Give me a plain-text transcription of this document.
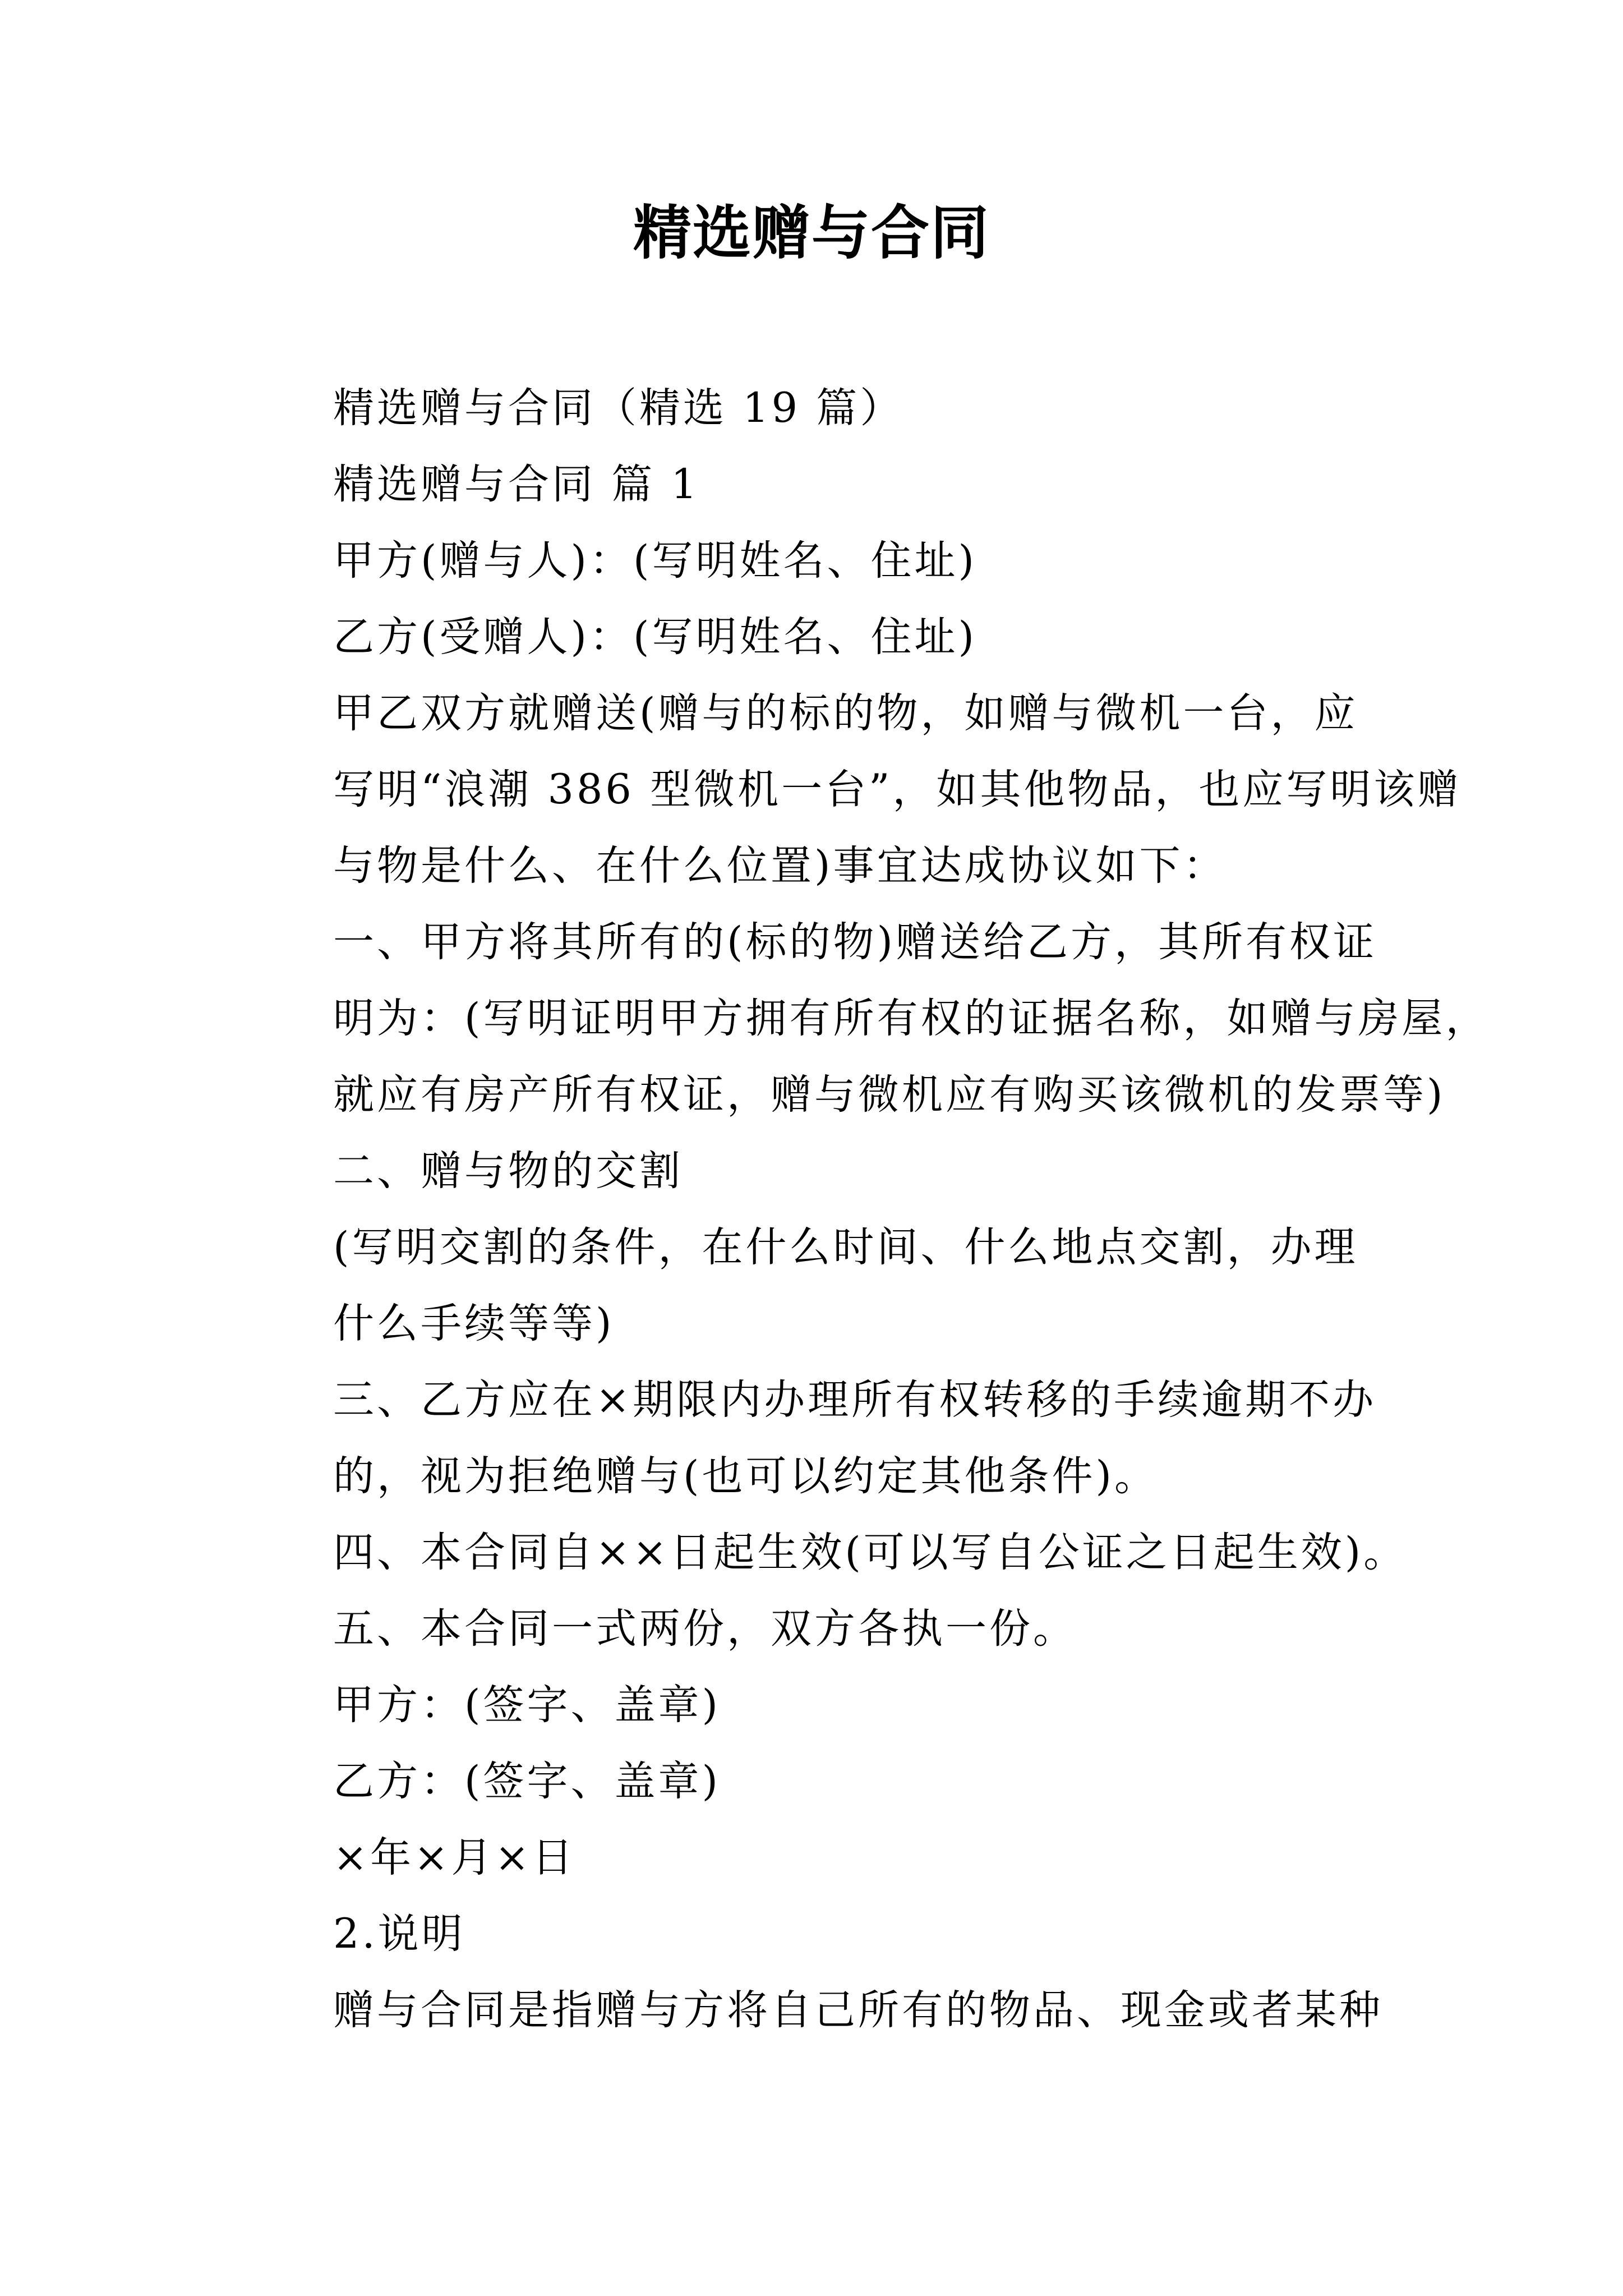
精选赠与合同

精选赠与合同（精选 19 篇）

精选赠与合同 篇 1

甲方(赠与人)：(写明姓名、住址)

乙方(受赠人)：(写明姓名、住址)

甲乙双方就赠送(赠与的标的物，如赠与微机一台，应
写明“浪潮 386 型微机一台”，如其他物品，也应写明该赠
与物是什么、在什么位置)事宜达成协议如下：

一、甲方将其所有的(标的物)赠送给乙方，其所有权证
明为：(写明证明甲方拥有所有权的证据名称，如赠与房屋，
就应有房产所有权证，赠与微机应有购买该微机的发票等)

二、赠与物的交割

(写明交割的条件，在什么时间、什么地点交割，办理
什么手续等等)

三、乙方应在×期限内办理所有权转移的手续逾期不办
的，视为拒绝赠与(也可以约定其他条件)。

四、本合同自××日起生效(可以写自公证之日起生效)。

五、本合同一式两份，双方各执一份。

甲方：(签字、盖章)

乙方：(签字、盖章)

×年×月×日

2.说明

赠与合同是指赠与方将自己所有的物品、现金或者某种
